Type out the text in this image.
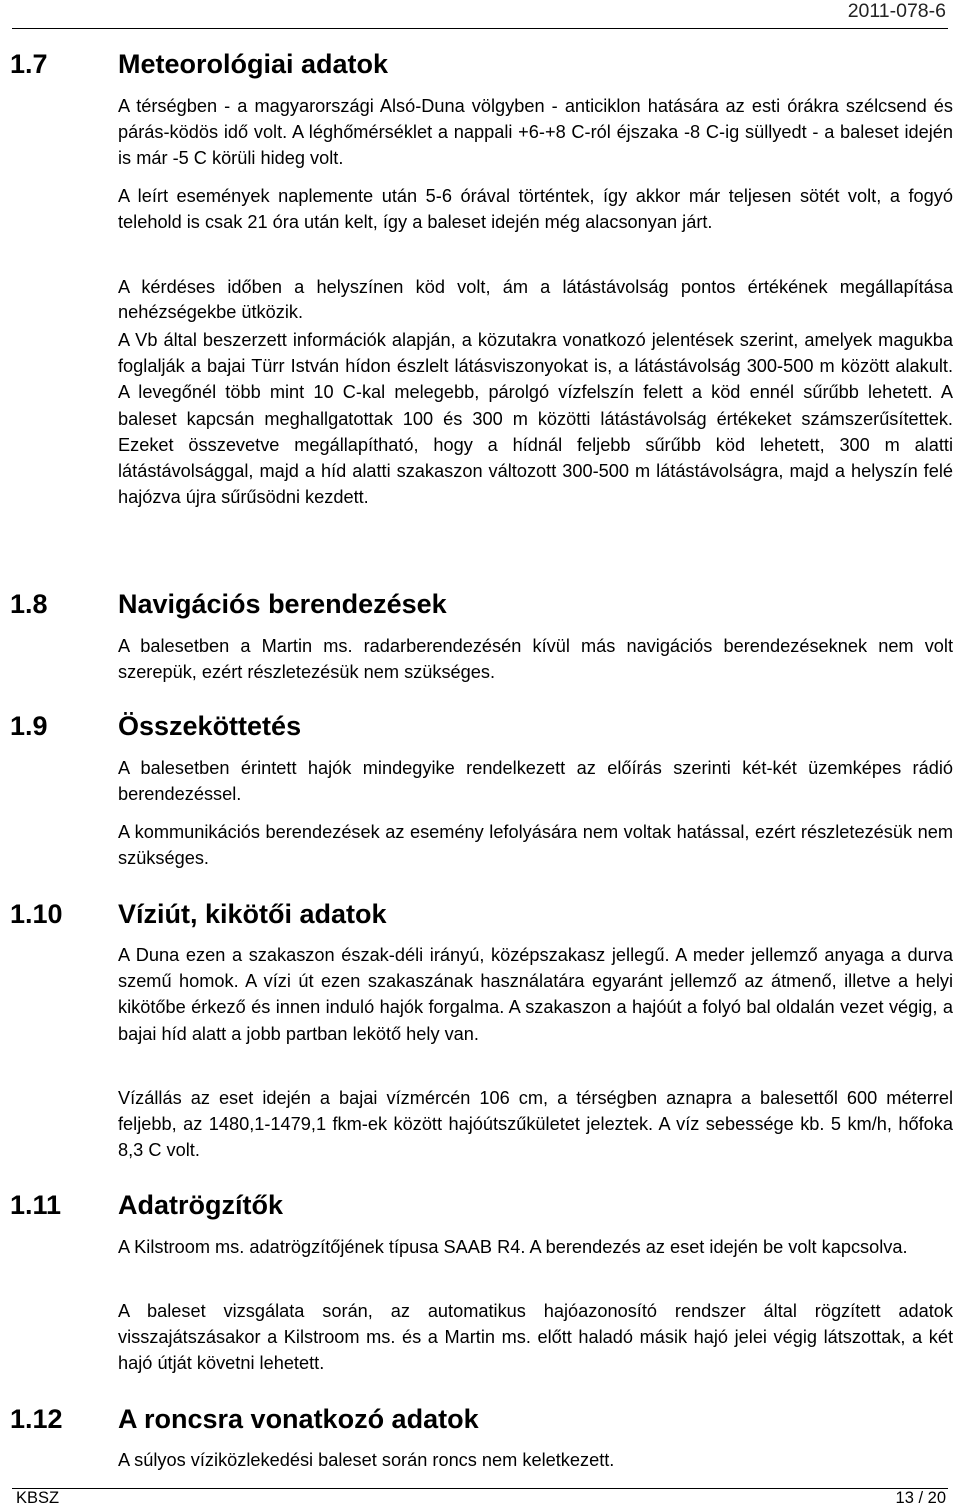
2011-078-6
1.7	Meteorológiai adatok

A térségben - a magyarországi Alsó-Duna völgyben - anticiklon hatására az esti órákra szélcsend és párás-ködös idő volt. A léghőmérséklet a nappali +6-+8 C-ról éjszaka -8 C-ig süllyedt - a baleset idején is már -5 C körüli hideg volt.

A leírt események naplemente után 5-6 órával történtek, így akkor már teljesen sötét volt, a fogyó telehold is csak 21 óra után kelt, így a baleset idején még alacsonyan járt.

A kérdéses időben a helyszínen köd volt, ám a látástávolság pontos értékének megállapítása nehézségekbe ütközik.

A Vb által beszerzett információk alapján, a közutakra vonatkozó jelentések szerint, amelyek magukba foglalják a bajai Türr István hídon észlelt látásviszonyokat is, a látástávolság 300-500 m között alakult. A levegőnél több mint 10 C-kal melegebb, párolgó vízfelszín felett a köd ennél sűrűbb lehetett. A baleset kapcsán meghallgatottak 100 és 300 m közötti látástávolság értékeket számszerűsítettek. Ezeket összevetve megállapítható, hogy a hídnál feljebb sűrűbb köd lehetett, 300 m alatti látástávolsággal, majd a híd alatti szakaszon változott 300-500 m látástávolságra, majd a helyszín felé hajózva újra sűrűsödni kezdett.

1.8	Navigációs berendezések

A balesetben a Martin ms. radarberendezésén kívül más navigációs berendezéseknek nem volt szerepük, ezért részletezésük nem szükséges.

1.9	Összeköttetés

A balesetben érintett hajók mindegyike rendelkezett az előírás szerinti két-két üzemképes rádió berendezéssel.

A kommunikációs berendezések az esemény lefolyására nem voltak hatással, ezért részletezésük nem szükséges.

1.10 Víziút, kikötői adatok

A Duna ezen a szakaszon észak-déli irányú, középszakasz jellegű. A meder jellemző anyaga a durva szemű homok. A vízi út ezen szakaszának használatára egyaránt jellemző az átmenő, illetve a helyi kikötőbe érkező és innen induló hajók forgalma. A szakaszon a hajóút a folyó bal oldalán vezet végig, a bajai híd alatt a jobb partban lekötő hely van.

Vízállás az eset idején a bajai vízmércén 106 cm, a térségben aznapra a balesettől 600 méterrel feljebb, az 1480,1-1479,1 fkm-ek között hajóútszűkületet jeleztek. A víz sebessége kb. 5 km/h, hőfoka 8,3 C volt.

1.11 Adatrögzítők

A Kilstroom ms. adatrögzítőjének típusa SAAB R4. A berendezés az eset idején be volt kapcsolva.

A baleset vizsgálata során, az automatikus hajóazonosító rendszer által rögzített adatok visszajátszásakor a Kilstroom ms. és a Martin ms. előtt haladó másik hajó jelei végig látszottak, a két hajó útját követni lehetett.

1.12 A roncsra vonatkozó adatok

A súlyos víziközlekedési baleset során roncs nem keletkezett.

KBSZ	13 / 20
